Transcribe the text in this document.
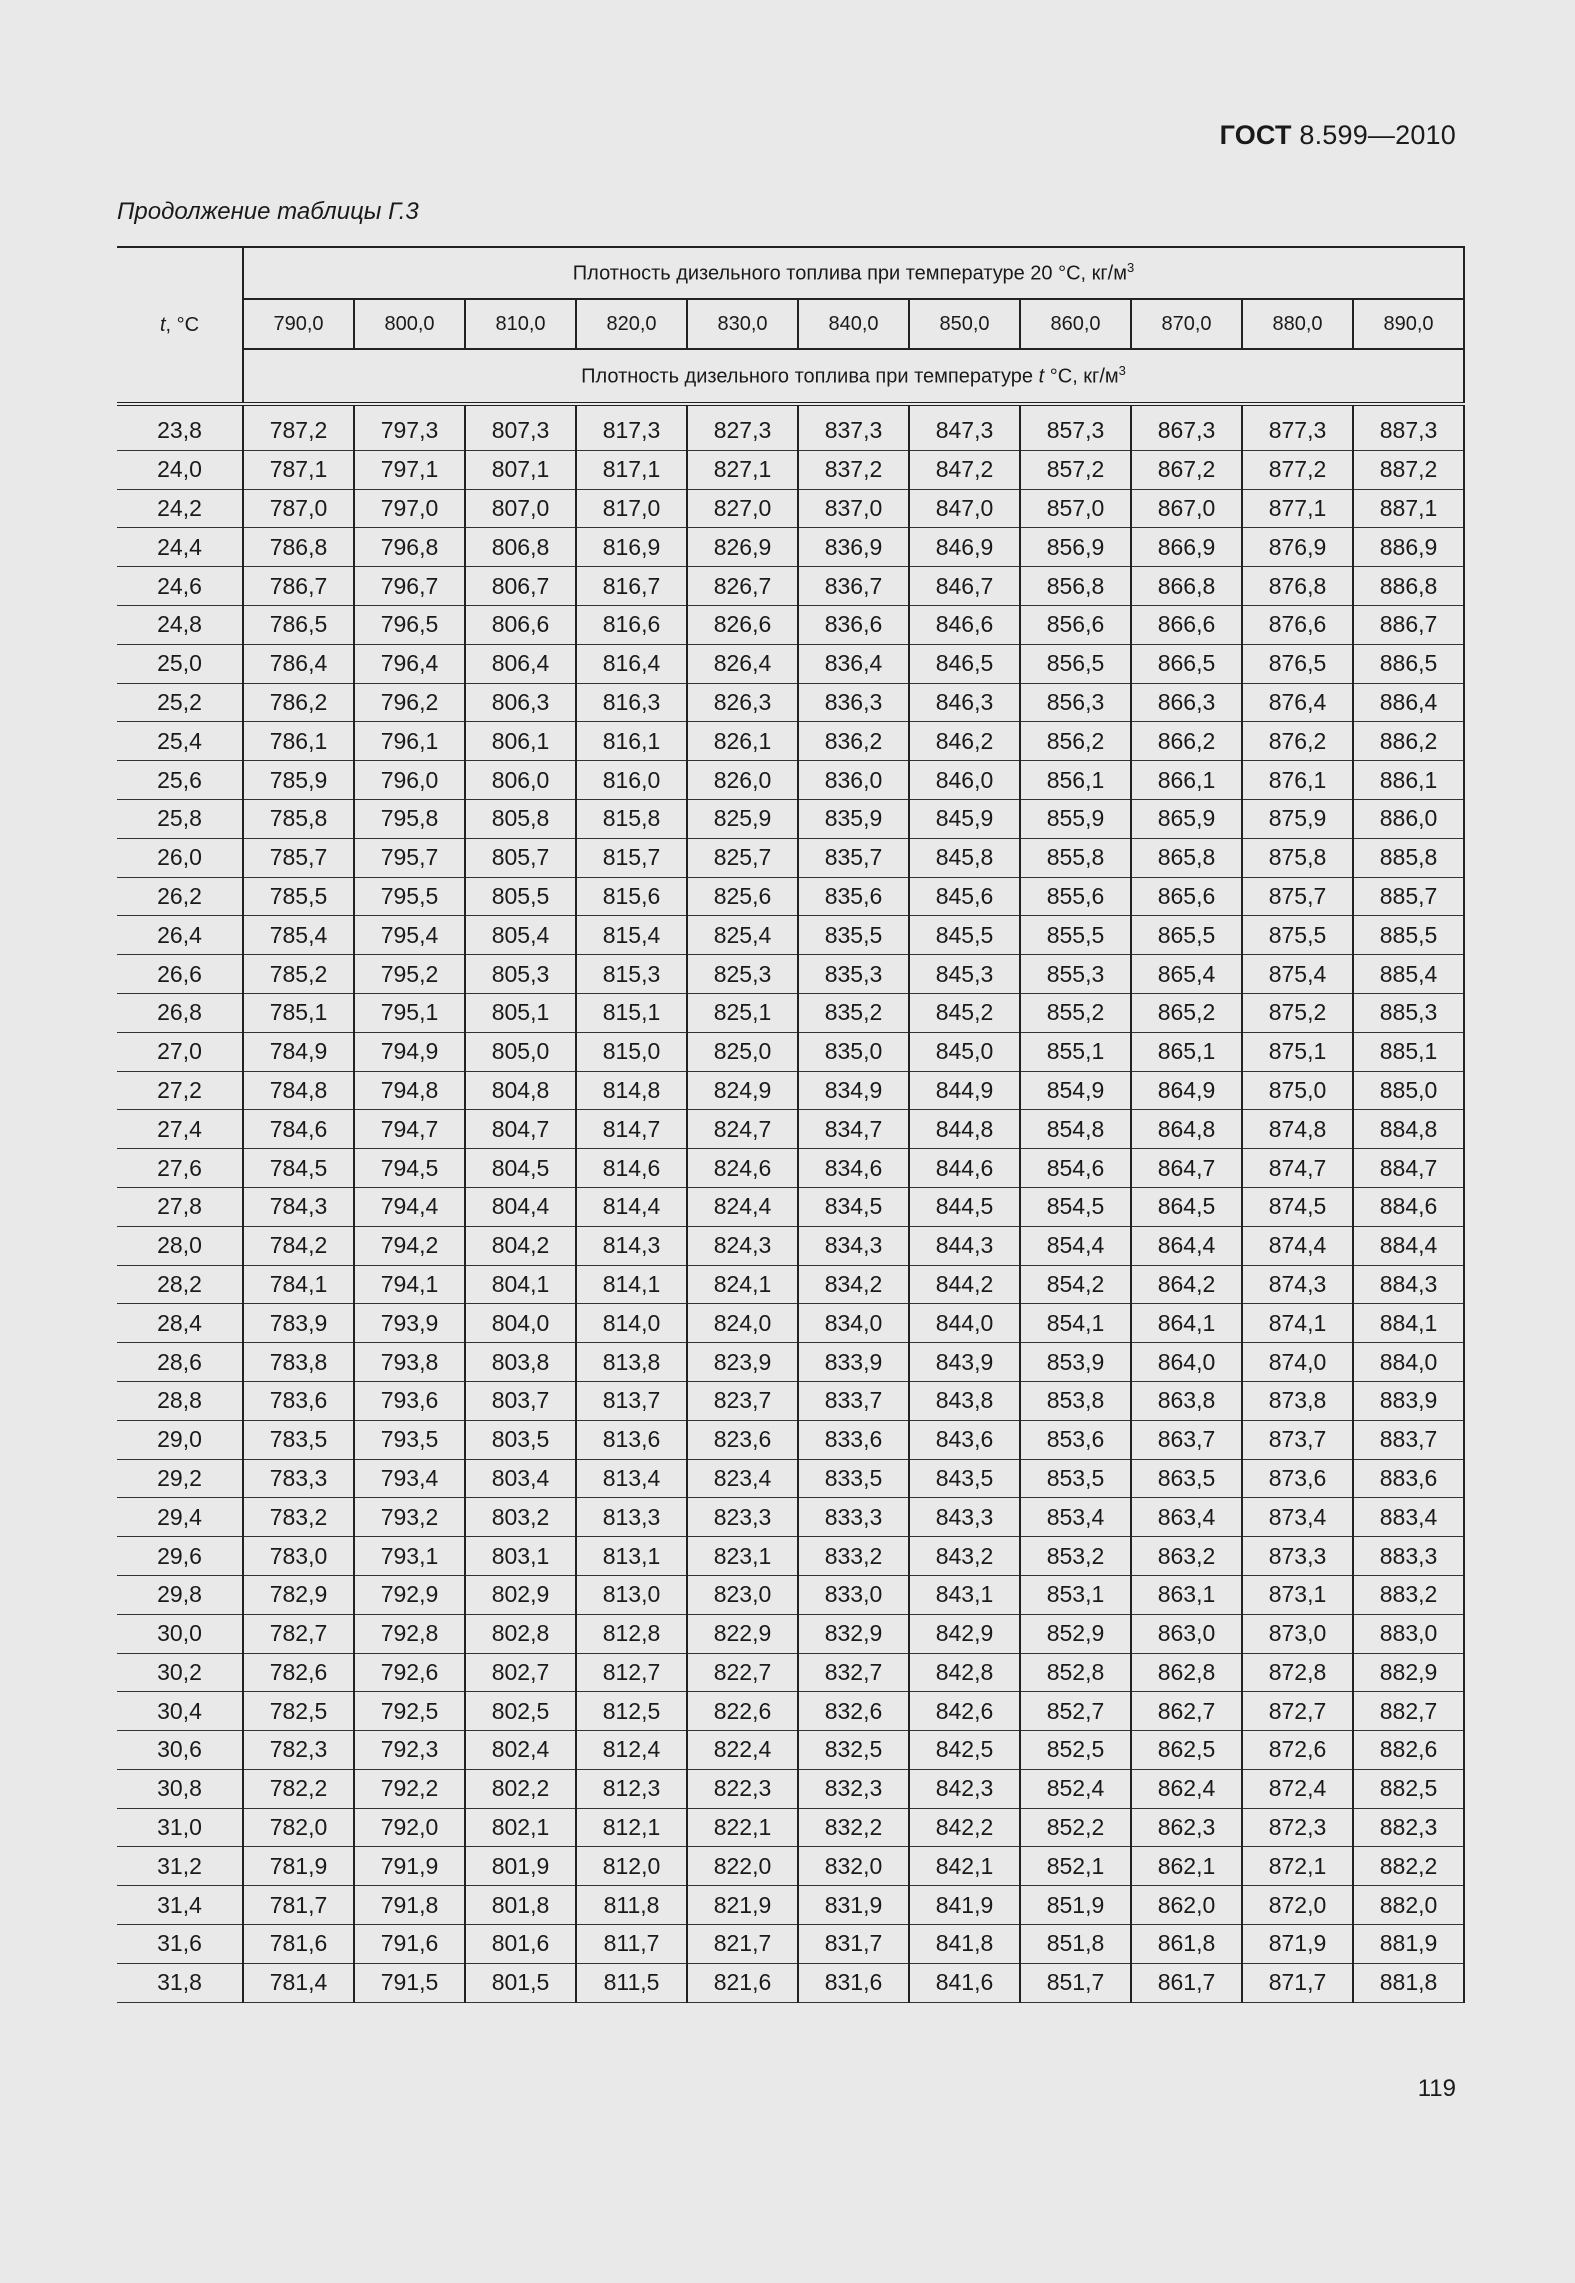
ГОСТ 8.599—2010
Продолжение таблицы Г.3
t, °С	Плотность дизельного топлива при температуре 20 °С, $кг/м^3$
	790,0	800,0	810,0	820,0	830,0	840,0	850,0	860,0	870,0	880,0	890,0
	Плотность дизельного топлива при температуре t °С, $кг/м^3$
23,8	787,2	797,3	807,3	817,3	827,3	837,3	847,3	857,3	867,3	877,3	887,3
24,0	787,1	797,1	807,1	817,1	827,1	837,2	847,2	857,2	867,2	877,2	887,2
24,2	787,0	797,0	807,0	817,0	827,0	837,0	847,0	857,0	867,0	877,1	887,1
24,4	786,8	796,8	806,8	816,9	826,9	836,9	846,9	856,9	866,9	876,9	886,9
24,6	786,7	796,7	806,7	816,7	826,7	836,7	846,7	856,8	866,8	876,8	886,8
24,8	786,5	796,5	806,6	816,6	826,6	836,6	846,6	856,6	866,6	876,6	886,7
25,0	786,4	796,4	806,4	816,4	826,4	836,4	846,5	856,5	866,5	876,5	886,5
25,2	786,2	796,2	806,3	816,3	826,3	836,3	846,3	856,3	866,3	876,4	886,4
25,4	786,1	796,1	806,1	816,1	826,1	836,2	846,2	856,2	866,2	876,2	886,2
25,6	785,9	796,0	806,0	816,0	826,0	836,0	846,0	856,1	866,1	876,1	886,1
25,8	785,8	795,8	805,8	815,8	825,9	835,9	845,9	855,9	865,9	875,9	886,0
26,0	785,7	795,7	805,7	815,7	825,7	835,7	845,8	855,8	865,8	875,8	885,8
26,2	785,5	795,5	805,5	815,6	825,6	835,6	845,6	855,6	865,6	875,7	885,7
26,4	785,4	795,4	805,4	815,4	825,4	835,5	845,5	855,5	865,5	875,5	885,5
26,6	785,2	795,2	805,3	815,3	825,3	835,3	845,3	855,3	865,4	875,4	885,4
26,8	785,1	795,1	805,1	815,1	825,1	835,2	845,2	855,2	865,2	875,2	885,3
27,0	784,9	794,9	805,0	815,0	825,0	835,0	845,0	855,1	865,1	875,1	885,1
27,2	784,8	794,8	804,8	814,8	824,9	834,9	844,9	854,9	864,9	875,0	885,0
27,4	784,6	794,7	804,7	814,7	824,7	834,7	844,8	854,8	864,8	874,8	884,8
27,6	784,5	794,5	804,5	814,6	824,6	834,6	844,6	854,6	864,7	874,7	884,7
27,8	784,3	794,4	804,4	814,4	824,4	834,5	844,5	854,5	864,5	874,5	884,6
28,0	784,2	794,2	804,2	814,3	824,3	834,3	844,3	854,4	864,4	874,4	884,4
28,2	784,1	794,1	804,1	814,1	824,1	834,2	844,2	854,2	864,2	874,3	884,3
28,4	783,9	793,9	804,0	814,0	824,0	834,0	844,0	854,1	864,1	874,1	884,1
28,6	783,8	793,8	803,8	813,8	823,9	833,9	843,9	853,9	864,0	874,0	884,0
28,8	783,6	793,6	803,7	813,7	823,7	833,7	843,8	853,8	863,8	873,8	883,9
29,0	783,5	793,5	803,5	813,6	823,6	833,6	843,6	853,6	863,7	873,7	883,7
29,2	783,3	793,4	803,4	813,4	823,4	833,5	843,5	853,5	863,5	873,6	883,6
29,4	783,2	793,2	803,2	813,3	823,3	833,3	843,3	853,4	863,4	873,4	883,4
29,6	783,0	793,1	803,1	813,1	823,1	833,2	843,2	853,2	863,2	873,3	883,3
29,8	782,9	792,9	802,9	813,0	823,0	833,0	843,1	853,1	863,1	873,1	883,2
30,0	782,7	792,8	802,8	812,8	822,9	832,9	842,9	852,9	863,0	873,0	883,0
30,2	782,6	792,6	802,7	812,7	822,7	832,7	842,8	852,8	862,8	872,8	882,9
30,4	782,5	792,5	802,5	812,5	822,6	832,6	842,6	852,7	862,7	872,7	882,7
30,6	782,3	792,3	802,4	812,4	822,4	832,5	842,5	852,5	862,5	872,6	882,6
30,8	782,2	792,2	802,2	812,3	822,3	832,3	842,3	852,4	862,4	872,4	882,5
31,0	782,0	792,0	802,1	812,1	822,1	832,2	842,2	852,2	862,3	872,3	882,3
31,2	781,9	791,9	801,9	812,0	822,0	832,0	842,1	852,1	862,1	872,1	882,2
31,4	781,7	791,8	801,8	811,8	821,9	831,9	841,9	851,9	862,0	872,0	882,0
31,6	781,6	791,6	801,6	811,7	821,7	831,7	841,8	851,8	861,8	871,9	881,9
31,8	781,4	791,5	801,5	811,5	821,6	831,6	841,6	851,7	861,7	871,7	881,8
119
